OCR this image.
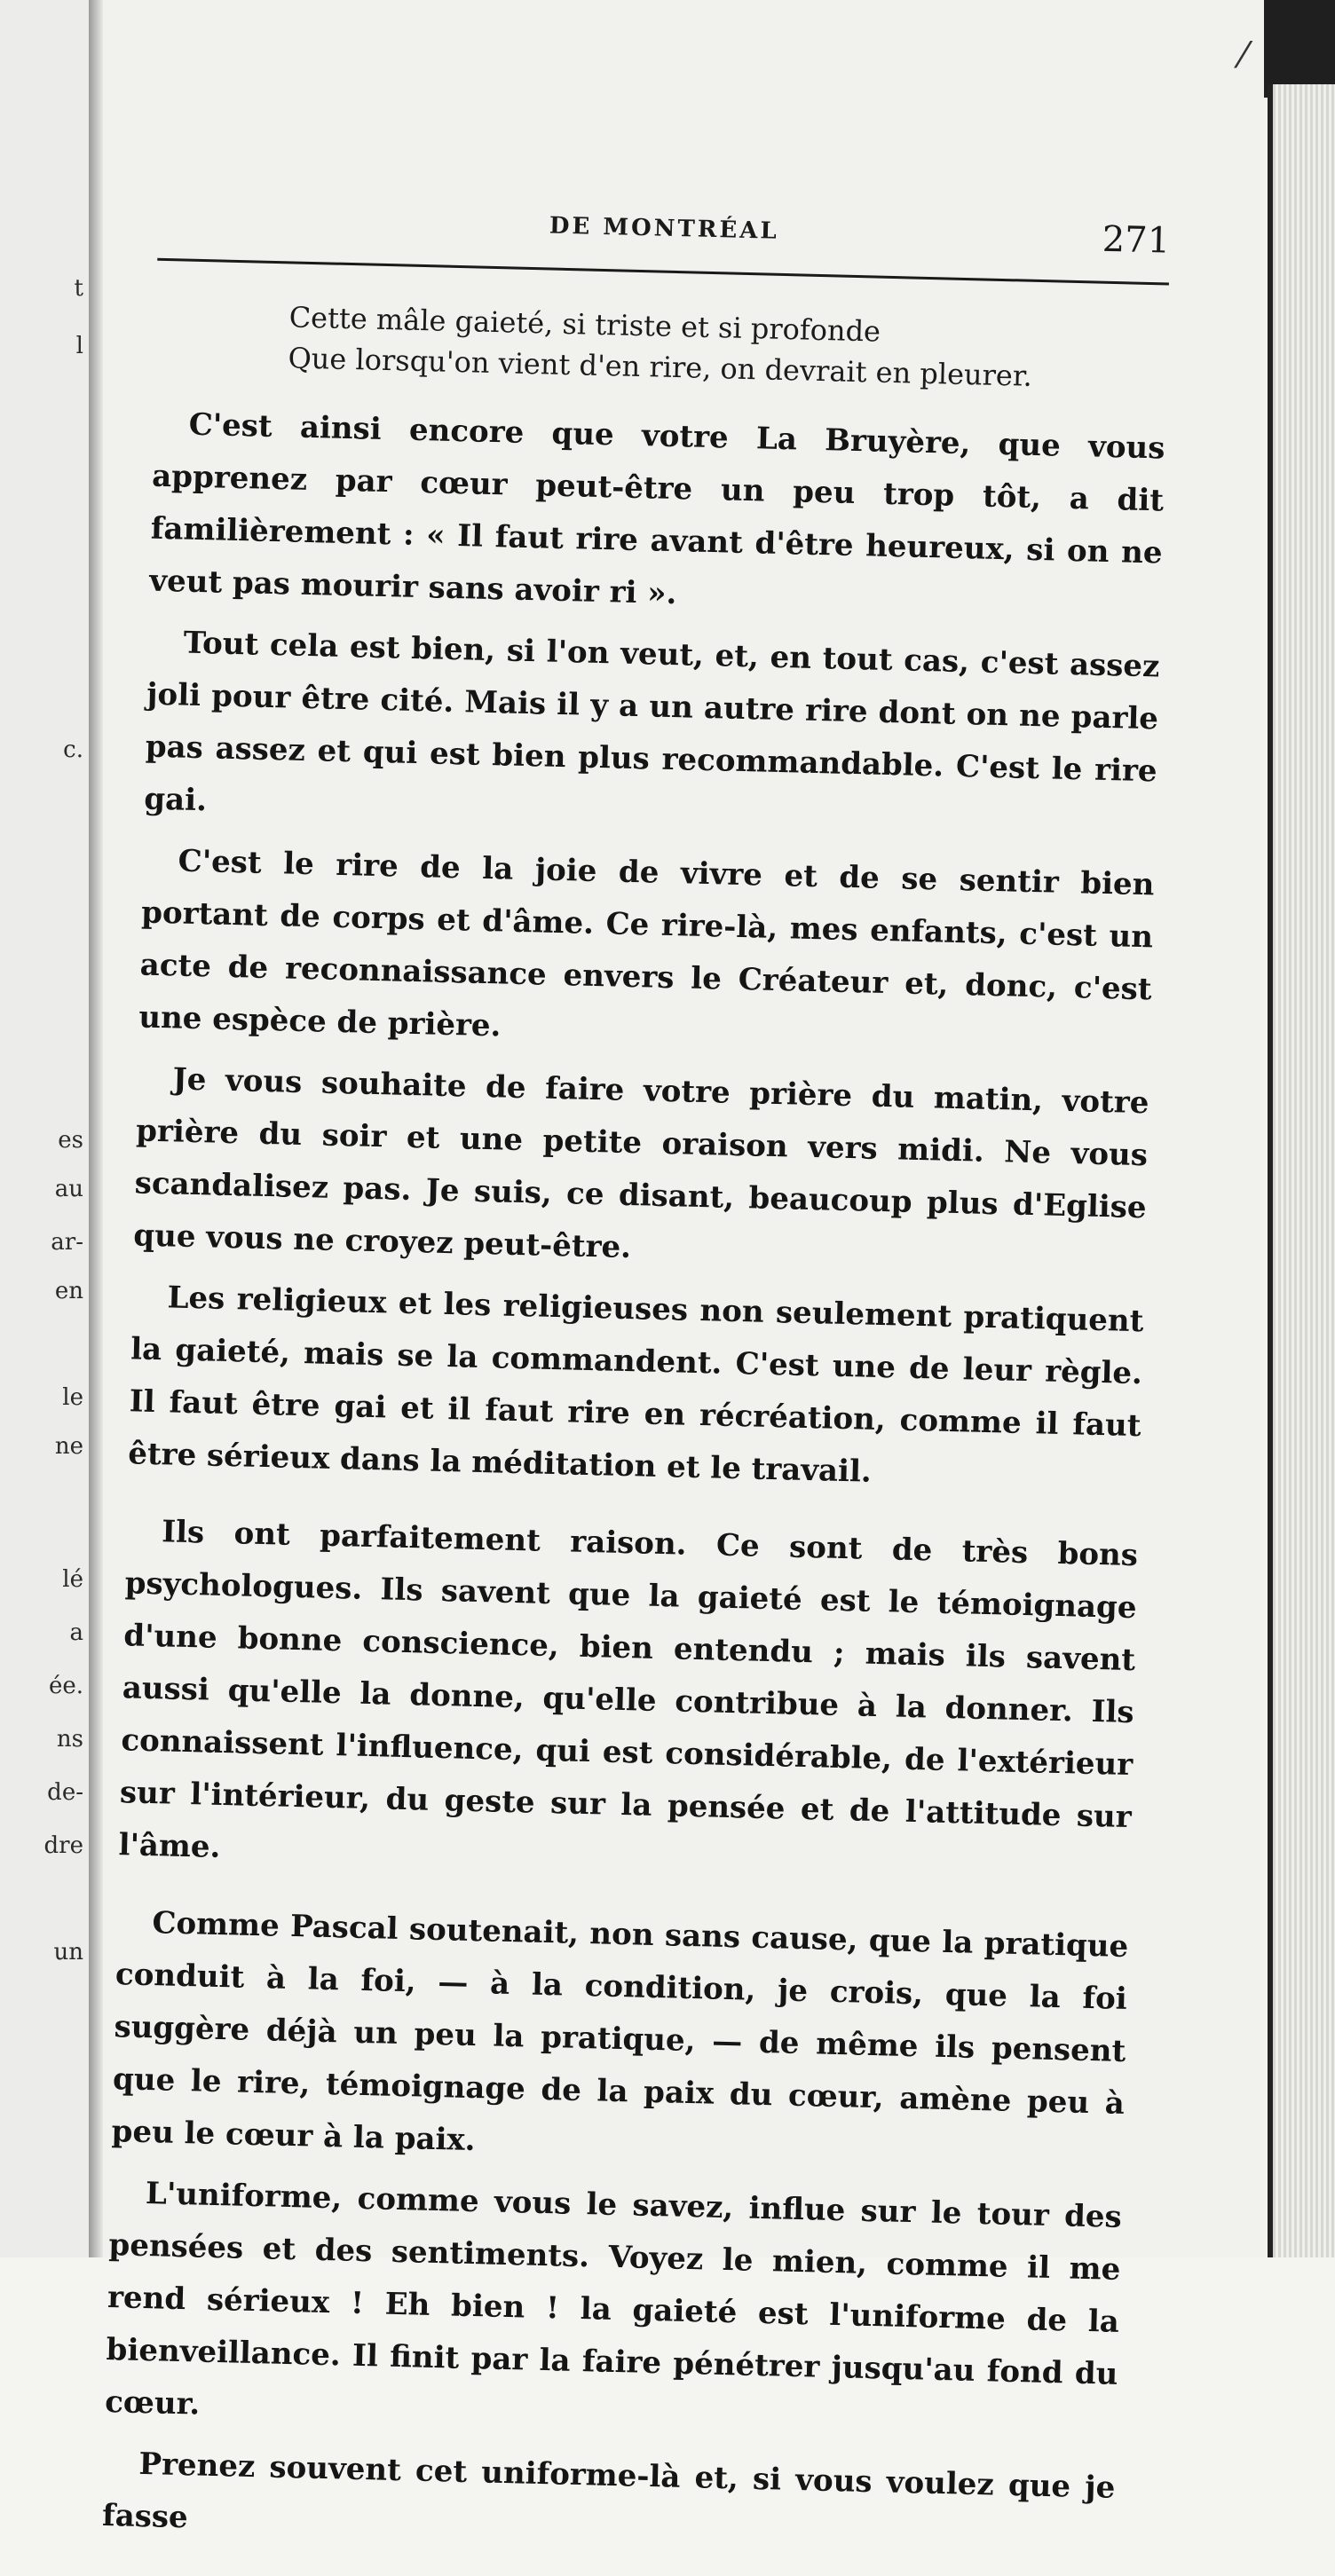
t
l
c.
es
au
ar-
en
le
ne
lé
a
ée.
ns
de-
dre
un
⁄
DE MONTRÉAL	271
Cette mâle gaieté, si triste et si profonde
Que lorsqu'on vient d'en rire, on devrait en pleurer.

C'est ainsi encore que votre La Bruyère, que vous apprenez par cœur peut-être un peu trop tôt, a dit familièrement : « Il faut rire avant d'être heureux, si on ne veut pas mourir sans avoir ri ».

Tout cela est bien, si l'on veut, et, en tout cas, c'est assez joli pour être cité. Mais il y a un autre rire dont on ne parle pas assez et qui est bien plus recommandable. C'est le rire gai.

C'est le rire de la joie de vivre et de se sentir bien portant de corps et d'âme. Ce rire-là, mes enfants, c'est un acte de reconnaissance envers le Créateur et, donc, c'est une espèce de prière.

Je vous souhaite de faire votre prière du matin, votre prière du soir et une petite oraison vers midi. Ne vous scandalisez pas. Je suis, ce disant, beaucoup plus d'Eglise que vous ne croyez peut-être.

Les religieux et les religieuses non seulement pratiquent la gaieté, mais se la commandent. C'est une de leur règle. Il faut être gai et il faut rire en récréation, comme il faut être sérieux dans la méditation et le travail.

Ils ont parfaitement raison. Ce sont de très bons psychologues. Ils savent que la gaieté est le témoignage d'une bonne conscience, bien entendu ; mais ils savent aussi qu'elle la donne, qu'elle contribue à la donner. Ils connaissent l'influence, qui est considérable, de l'extérieur sur l'intérieur, du geste sur la pensée et de l'attitude sur l'âme.

Comme Pascal soutenait, non sans cause, que la pratique conduit à la foi, — à la condition, je crois, que la foi suggère déjà un peu la pratique, — de même ils pensent que le rire, témoignage de la paix du cœur, amène peu à peu le cœur à la paix.

L'uniforme, comme vous le savez, influe sur le tour des pensées et des sentiments. Voyez le mien, comme il me rend sérieux ! Eh bien ! la gaieté est l'uniforme de la bienveillance. Il finit par la faire pénétrer jusqu'au fond du cœur.

Prenez souvent cet uniforme-là et, si vous voulez que je fasse
